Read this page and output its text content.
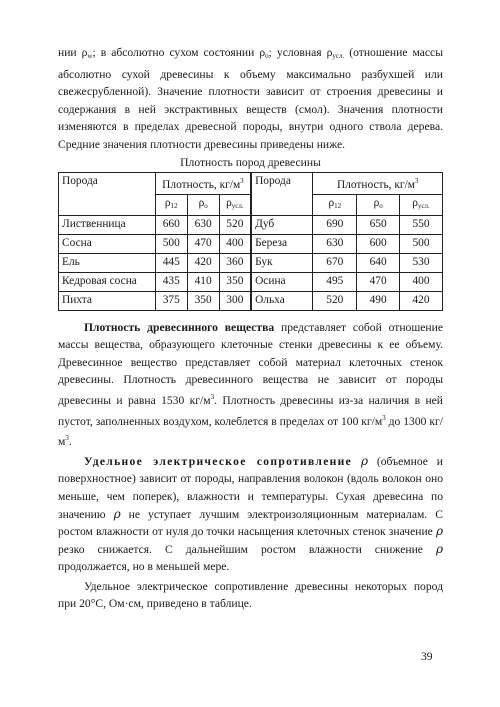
нии $\rho_w$; в абсолютно сухом состоянии $\rho_o$; условная $\rho_{усл.}$ (отношение массы абсолютно сухой древесины к объему максимально разбухшей или свежесрубленной). Значение плотности зависит от строения древесины и содержания в ней экстрактивных веществ (смол). Значения плотности изменяются в пределах древесной породы, внутри одного ствола дерева. Средние значения плотности древесины приведены ниже.

Плотность пород древесины
Порода	Плотность, $кг/м^3$			Порода	Плотность, $кг/м^3$
	$\rho_{12}$	$\rho_о$	$\rho_{усл.}$		$\rho_{12}$	$\rho_о$	$\rho_{усл.}$
Лиственница	660	630	520	Дуб	690	650	550
Сосна	500	470	400	Береза	630	600	500
Ель	445	420	360	Бук	670	640	530
Кедровая сосна	435	410	350	Осина	495	470	400
Пихта	375	350	300	Ольха	520	490	420

Плотность древесинного вещества представляет собой отношение массы вещества, образующего клеточные стенки древесины к ее объему. Древесинное вещество представляет собой материал клеточных стенок древесины. Плотность древесинного вещества не зависит от породы древесины и равна 1530 $кг/м^3$. Плотность древесины из-за наличия в ней пустот, заполненных воздухом, колеблется в пределах от 100 $кг/м^3$ до 1300 $кг/м^3$.

Удельное электрическое сопротивление ρ (объемное и поверхностное) зависит от породы, направления волокон (вдоль волокон оно меньше, чем поперек), влажности и температуры. Сухая древесина по значению ρ не уступает лучшим электроизоляционным материалам. С ростом влажности от нуля до точки насыщения клеточных стенок значение ρ резко снижается. С дальнейшим ростом влажности снижение ρ продолжается, но в меньшей мере.

Удельное электрическое сопротивление древесины некоторых пород при 20°С, Ом·см, приведено в таблице.

39
